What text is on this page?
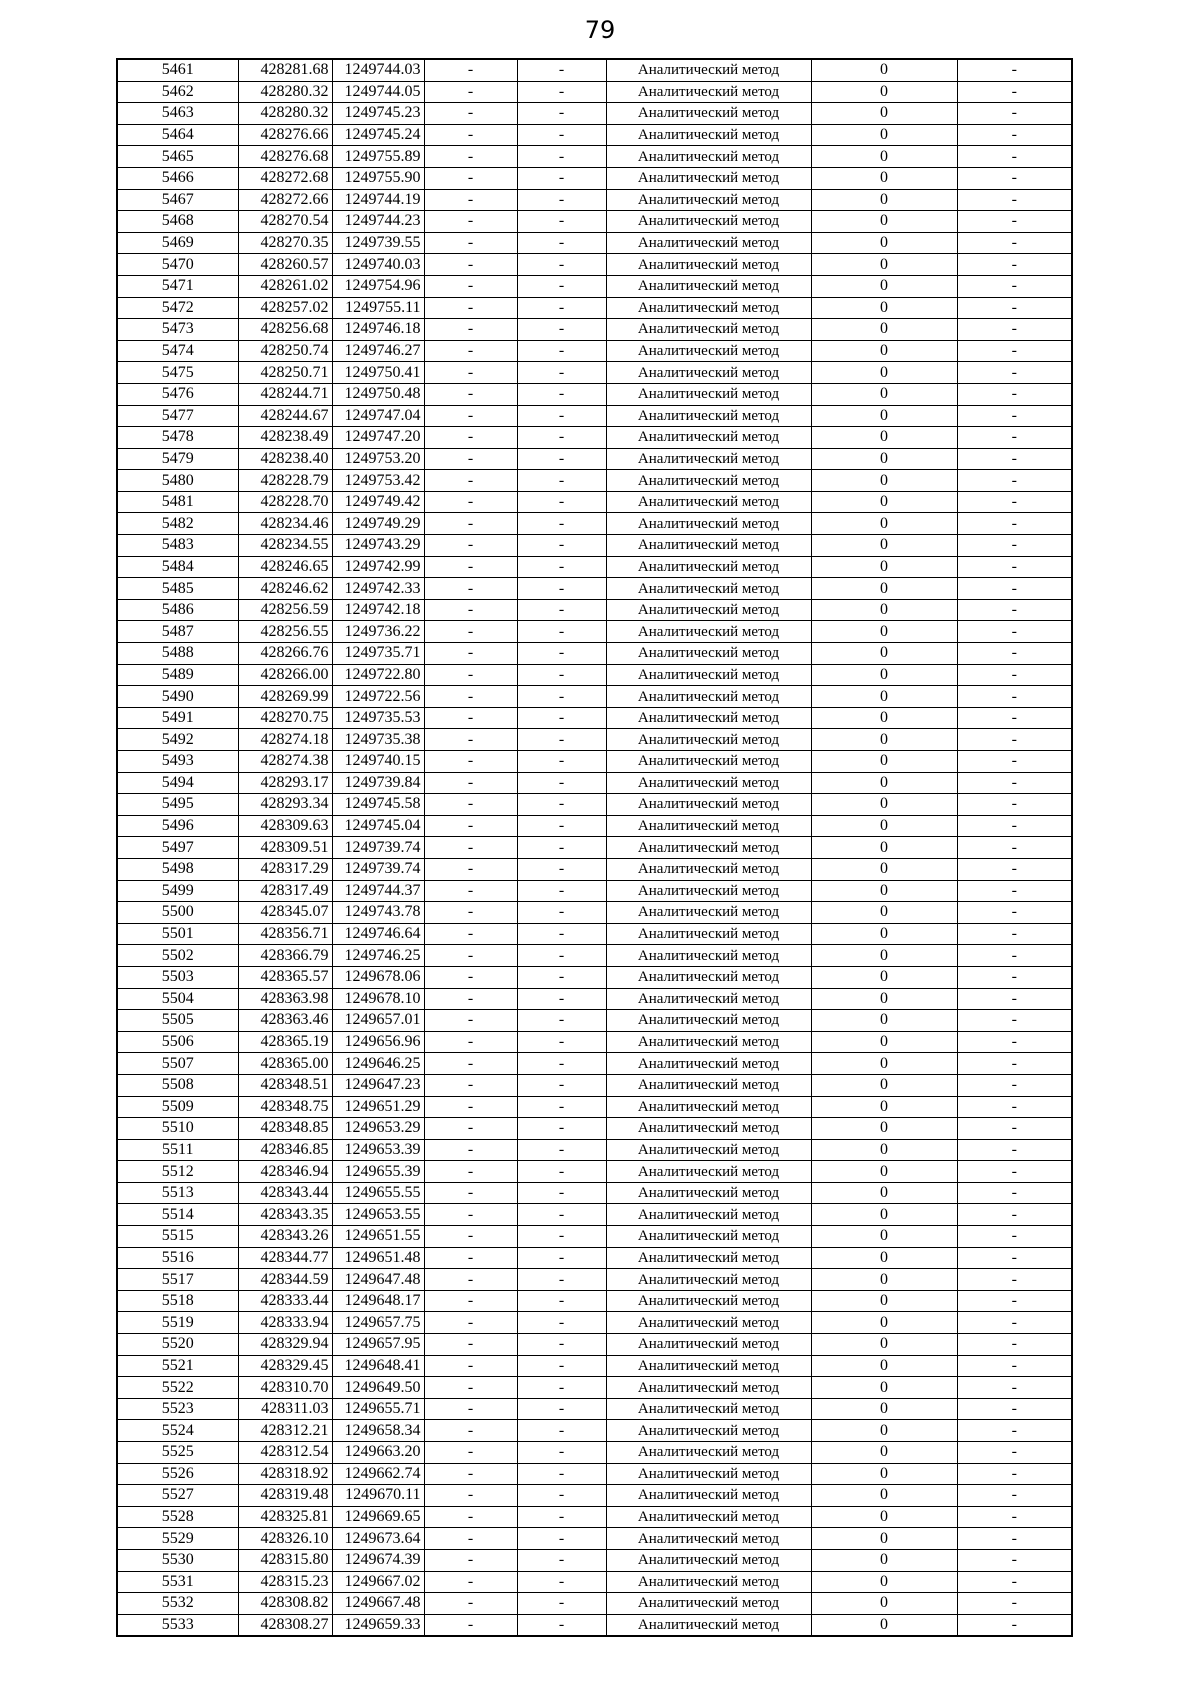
79
5461	428281.68	1249744.03	-	-	Аналитический метод	0	-
5462	428280.32	1249744.05	-	-	Аналитический метод	0	-
5463	428280.32	1249745.23	-	-	Аналитический метод	0	-
5464	428276.66	1249745.24	-	-	Аналитический метод	0	-
5465	428276.68	1249755.89	-	-	Аналитический метод	0	-
5466	428272.68	1249755.90	-	-	Аналитический метод	0	-
5467	428272.66	1249744.19	-	-	Аналитический метод	0	-
5468	428270.54	1249744.23	-	-	Аналитический метод	0	-
5469	428270.35	1249739.55	-	-	Аналитический метод	0	-
5470	428260.57	1249740.03	-	-	Аналитический метод	0	-
5471	428261.02	1249754.96	-	-	Аналитический метод	0	-
5472	428257.02	1249755.11	-	-	Аналитический метод	0	-
5473	428256.68	1249746.18	-	-	Аналитический метод	0	-
5474	428250.74	1249746.27	-	-	Аналитический метод	0	-
5475	428250.71	1249750.41	-	-	Аналитический метод	0	-
5476	428244.71	1249750.48	-	-	Аналитический метод	0	-
5477	428244.67	1249747.04	-	-	Аналитический метод	0	-
5478	428238.49	1249747.20	-	-	Аналитический метод	0	-
5479	428238.40	1249753.20	-	-	Аналитический метод	0	-
5480	428228.79	1249753.42	-	-	Аналитический метод	0	-
5481	428228.70	1249749.42	-	-	Аналитический метод	0	-
5482	428234.46	1249749.29	-	-	Аналитический метод	0	-
5483	428234.55	1249743.29	-	-	Аналитический метод	0	-
5484	428246.65	1249742.99	-	-	Аналитический метод	0	-
5485	428246.62	1249742.33	-	-	Аналитический метод	0	-
5486	428256.59	1249742.18	-	-	Аналитический метод	0	-
5487	428256.55	1249736.22	-	-	Аналитический метод	0	-
5488	428266.76	1249735.71	-	-	Аналитический метод	0	-
5489	428266.00	1249722.80	-	-	Аналитический метод	0	-
5490	428269.99	1249722.56	-	-	Аналитический метод	0	-
5491	428270.75	1249735.53	-	-	Аналитический метод	0	-
5492	428274.18	1249735.38	-	-	Аналитический метод	0	-
5493	428274.38	1249740.15	-	-	Аналитический метод	0	-
5494	428293.17	1249739.84	-	-	Аналитический метод	0	-
5495	428293.34	1249745.58	-	-	Аналитический метод	0	-
5496	428309.63	1249745.04	-	-	Аналитический метод	0	-
5497	428309.51	1249739.74	-	-	Аналитический метод	0	-
5498	428317.29	1249739.74	-	-	Аналитический метод	0	-
5499	428317.49	1249744.37	-	-	Аналитический метод	0	-
5500	428345.07	1249743.78	-	-	Аналитический метод	0	-
5501	428356.71	1249746.64	-	-	Аналитический метод	0	-
5502	428366.79	1249746.25	-	-	Аналитический метод	0	-
5503	428365.57	1249678.06	-	-	Аналитический метод	0	-
5504	428363.98	1249678.10	-	-	Аналитический метод	0	-
5505	428363.46	1249657.01	-	-	Аналитический метод	0	-
5506	428365.19	1249656.96	-	-	Аналитический метод	0	-
5507	428365.00	1249646.25	-	-	Аналитический метод	0	-
5508	428348.51	1249647.23	-	-	Аналитический метод	0	-
5509	428348.75	1249651.29	-	-	Аналитический метод	0	-
5510	428348.85	1249653.29	-	-	Аналитический метод	0	-
5511	428346.85	1249653.39	-	-	Аналитический метод	0	-
5512	428346.94	1249655.39	-	-	Аналитический метод	0	-
5513	428343.44	1249655.55	-	-	Аналитический метод	0	-
5514	428343.35	1249653.55	-	-	Аналитический метод	0	-
5515	428343.26	1249651.55	-	-	Аналитический метод	0	-
5516	428344.77	1249651.48	-	-	Аналитический метод	0	-
5517	428344.59	1249647.48	-	-	Аналитический метод	0	-
5518	428333.44	1249648.17	-	-	Аналитический метод	0	-
5519	428333.94	1249657.75	-	-	Аналитический метод	0	-
5520	428329.94	1249657.95	-	-	Аналитический метод	0	-
5521	428329.45	1249648.41	-	-	Аналитический метод	0	-
5522	428310.70	1249649.50	-	-	Аналитический метод	0	-
5523	428311.03	1249655.71	-	-	Аналитический метод	0	-
5524	428312.21	1249658.34	-	-	Аналитический метод	0	-
5525	428312.54	1249663.20	-	-	Аналитический метод	0	-
5526	428318.92	1249662.74	-	-	Аналитический метод	0	-
5527	428319.48	1249670.11	-	-	Аналитический метод	0	-
5528	428325.81	1249669.65	-	-	Аналитический метод	0	-
5529	428326.10	1249673.64	-	-	Аналитический метод	0	-
5530	428315.80	1249674.39	-	-	Аналитический метод	0	-
5531	428315.23	1249667.02	-	-	Аналитический метод	0	-
5532	428308.82	1249667.48	-	-	Аналитический метод	0	-
5533	428308.27	1249659.33	-	-	Аналитический метод	0	-
